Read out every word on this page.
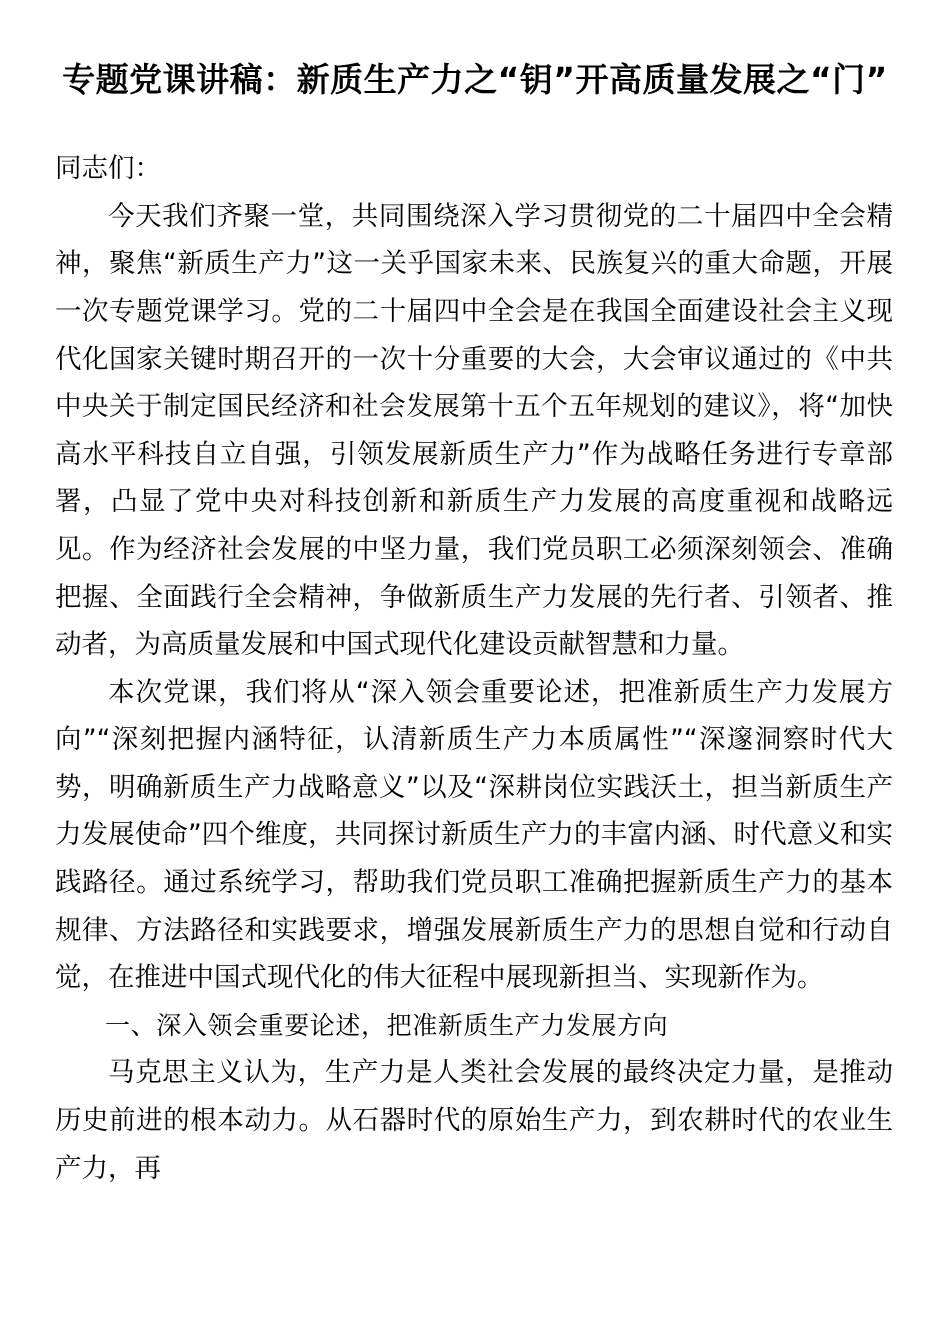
专题党课讲稿：新质生产力之“钥”开高质量发展之“门”

同志们：

今天我们齐聚一堂，共同围绕深入学习贯彻党的二十届四中全会精神，聚焦“新质生产力”这一关乎国家未来、民族复兴的重大命题，开展一次专题党课学习。党的二十届四中全会是在我国全面建设社会主义现代化国家关键时期召开的一次十分重要的大会，大会审议通过的《中共中央关于制定国民经济和社会发展第十五个五年规划的建议》，将“加快高水平科技自立自强，引领发展新质生产力”作为战略任务进行专章部署，凸显了党中央对科技创新和新质生产力发展的高度重视和战略远见。作为经济社会发展的中坚力量，我们党员职工必须深刻领会、准确把握、全面践行全会精神，争做新质生产力发展的先行者、引领者、推动者，为高质量发展和中国式现代化建设贡献智慧和力量。

本次党课，我们将从“深入领会重要论述，把准新质生产力发展方向”“深刻把握内涵特征，认清新质生产力本质属性”“深邃洞察时代大势，明确新质生产力战略意义”以及“深耕岗位实践沃土，担当新质生产力发展使命”四个维度，共同探讨新质生产力的丰富内涵、时代意义和实践路径。通过系统学习，帮助我们党员职工准确把握新质生产力的基本规律、方法路径和实践要求，增强发展新质生产力的思想自觉和行动自觉，在推进中国式现代化的伟大征程中展现新担当、实现新作为。

一、深入领会重要论述，把准新质生产力发展方向

马克思主义认为，生产力是人类社会发展的最终决定力量，是推动历史前进的根本动力。从石器时代的原始生产力，到农耕时代的农业生产力，再
